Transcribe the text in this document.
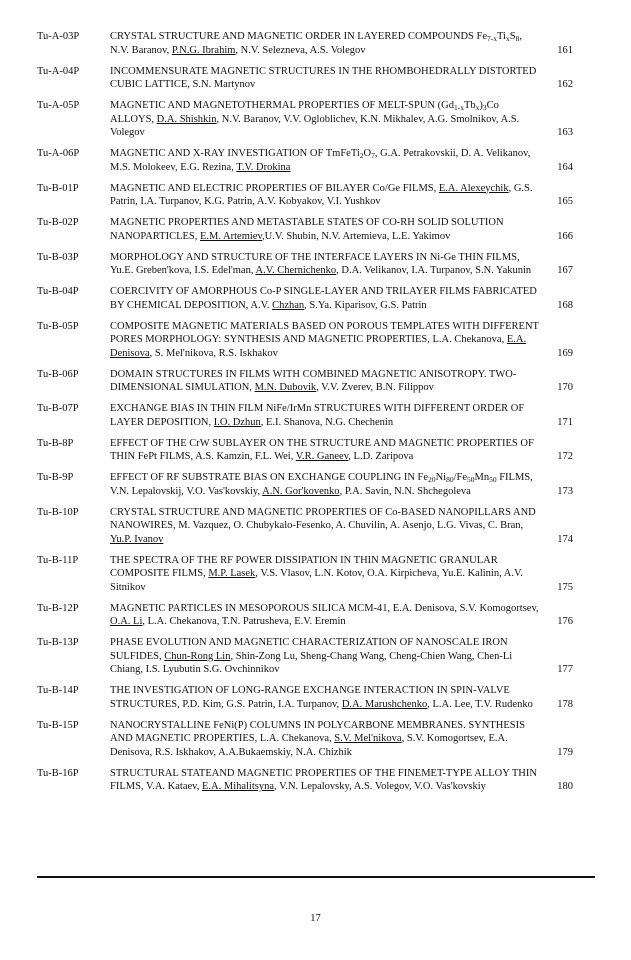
Tu-A-03P	CRYSTAL STRUCTURE AND MAGNETIC ORDER IN LAYERED COMPOUNDS $Fe_{7-x}Ti_xS_8$, N.V. Baranov, P.N.G. Ibrahim, N.V. Selezneva, A.S. Volegov	161
Tu-A-04P	INCOMMENSURATE MAGNETIC STRUCTURES IN THE RHOMBOHEDRALLY DISTORTED CUBIC LATTICE, S.N. Martynov	162
Tu-A-05P	MAGNETIC AND MAGNETOTHERMAL PROPERTIES OF MELT-SPUN $(Gd_{1-x}Tb_x)_3Co$ ALLOYS, D.A. Shishkin, N.V. Baranov, V.V. Ogloblichev, K.N. Mikhalev, A.G. Smolnikov, A.S. Volegov	163
Tu-A-06P	MAGNETIC AND X-RAY INVESTIGATION OF $TmFeTi_2O_7$, G.A. Petrakovskii, D. A. Velikanov, M.S. Molokeev, E.G. Rezina, T.V. Drokina	164
Tu-B-01P	MAGNETIC AND ELECTRIC PROPERTIES OF BILAYER Co/Ge FILMS, E.A. Alexeychik, G.S. Patrin, I.A. Turpanov, K.G. Patrin, A.V. Kobyakov, V.I. Yushkov	165
Tu-B-02P	MAGNETIC PROPERTIES AND METASTABLE STATES OF CO-RH SOLID SOLUTION NANOPARTICLES, E.M. Artemiev,U.V. Shubin, N.V. Artemieva, L.E. Yakimov	166
Tu-B-03P	MORPHOLOGY AND STRUCTURE OF THE INTERFACE LAYERS IN Ni-Ge THIN FILMS, Yu.E. Greben'kova, I.S. Edel'man, A.V. Chernichenko, D.A. Velikanov, I.A. Turpanov, S.N. Yakunin	167
Tu-B-04P	COERCIVITY OF AMORPHOUS Co-P SINGLE-LAYER AND TRILAYER FILMS FABRICATED BY CHEMICAL DEPOSITION, A.V. Chzhan, S.Ya. Kiparisov, G.S. Patrin	168
Tu-B-05P	COMPOSITE MAGNETIC MATERIALS BASED ON POROUS TEMPLATES WITH DIFFERENT PORES MORPHOLOGY: SYNTHESIS AND MAGNETIC PROPERTIES, L.A. Chekanova, E.A. Denisova, S. Mel'nikova, R.S. Iskhakov	169
Tu-B-06P	DOMAIN STRUCTURES IN FILMS WITH COMBINED MAGNETIC ANISOTROPY. TWO-DIMENSIONAL SIMULATION, M.N. Dubovik, V.V. Zverev, B.N. Filippov	170
Tu-B-07P	EXCHANGE BIAS IN THIN FILM NiFe/IrMn STRUCTURES WITH DIFFERENT ORDER OF LAYER DEPOSITION, I.O. Dzhun, E.I. Shanova, N.G. Chechenin	171
Tu-B-8P	EFFECT OF THE CrW SUBLAYER ON THE STRUCTURE AND MAGNETIC PROPERTIES OF THIN FePt FILMS, A.S. Kamzin, F.L. Wei, V.R. Ganeev, L.D. Zaripova	172
Tu-B-9P	EFFECT OF RF SUBSTRATE BIAS ON EXCHANGE COUPLING IN $Fe_{20}Ni_{80}/Fe_{50}Mn_{50}$ FILMS, V.N. Lepalovskij, V.O. Vas'kovskiy, A.N. Gor'kovenko, P.A. Savin, N.N. Shchegoleva	173
Tu-B-10P	CRYSTAL STRUCTURE AND MAGNETIC PROPERTIES OF Co-BASED NANOPILLARS AND NANOWIRES, M. Vazquez, O. Chubykalo-Fesenko, A. Chuvilin, A. Asenjo, L.G. Vivas, C. Bran, Yu.P. Ivanov	174
Tu-B-11P	THE SPECTRA OF THE RF POWER DISSIPATION IN THIN MAGNETIC GRANULAR COMPOSITE FILMS, M.P. Lasek, V.S. Vlasov, L.N. Kotov, O.A. Kirpicheva, Yu.E. Kalinin, A.V. Sitnikov	175
Tu-B-12P	MAGNETIC PARTICLES IN MESOPOROUS SILICA MCM-41, E.A. Denisova, S.V. Komogortsev, O.A. Li, L.A. Chekanova, T.N. Patrusheva, E.V. Eremin	176
Tu-B-13P	PHASE EVOLUTION AND MAGNETIC CHARACTERIZATION OF NANOSCALE IRON SULFIDES, Chun-Rong Lin, Shin-Zong Lu, Sheng-Chang Wang, Cheng-Chien Wang, Chen-Li Chiang, I.S. Lyubutin S.G. Ovchinnikov	177
Tu-B-14P	THE INVESTIGATION OF LONG-RANGE EXCHANGE INTERACTION IN SPIN-VALVE STRUCTURES, P.D. Kim, G.S. Patrin, I.A. Turpanov, D.A. Marushchenko, L.A. Lee, T.V. Rudenko	178
Tu-B-15P	NANOCRYSTALLINE FeNi(P) COLUMNS IN POLYCARBONE MEMBRANES. SYNTHESIS AND MAGNETIC PROPERTIES, L.A. Chekanova, S.V. Mel'nikova, S.V. Komogortsev, E.A. Denisova, R.S. Iskhakov, A.A.Bukaemskiy, N.A. Chizhik	179
Tu-B-16P	STRUCTURAL STATEAND MAGNETIC PROPERTIES OF THE FINEMET-TYPE ALLOY THIN FILMS, V.A. Kataev, E.A. Mihalitsyna, V.N. Lepalovsky, A.S. Volegov, V.O. Vas'kovskiy	180
17
